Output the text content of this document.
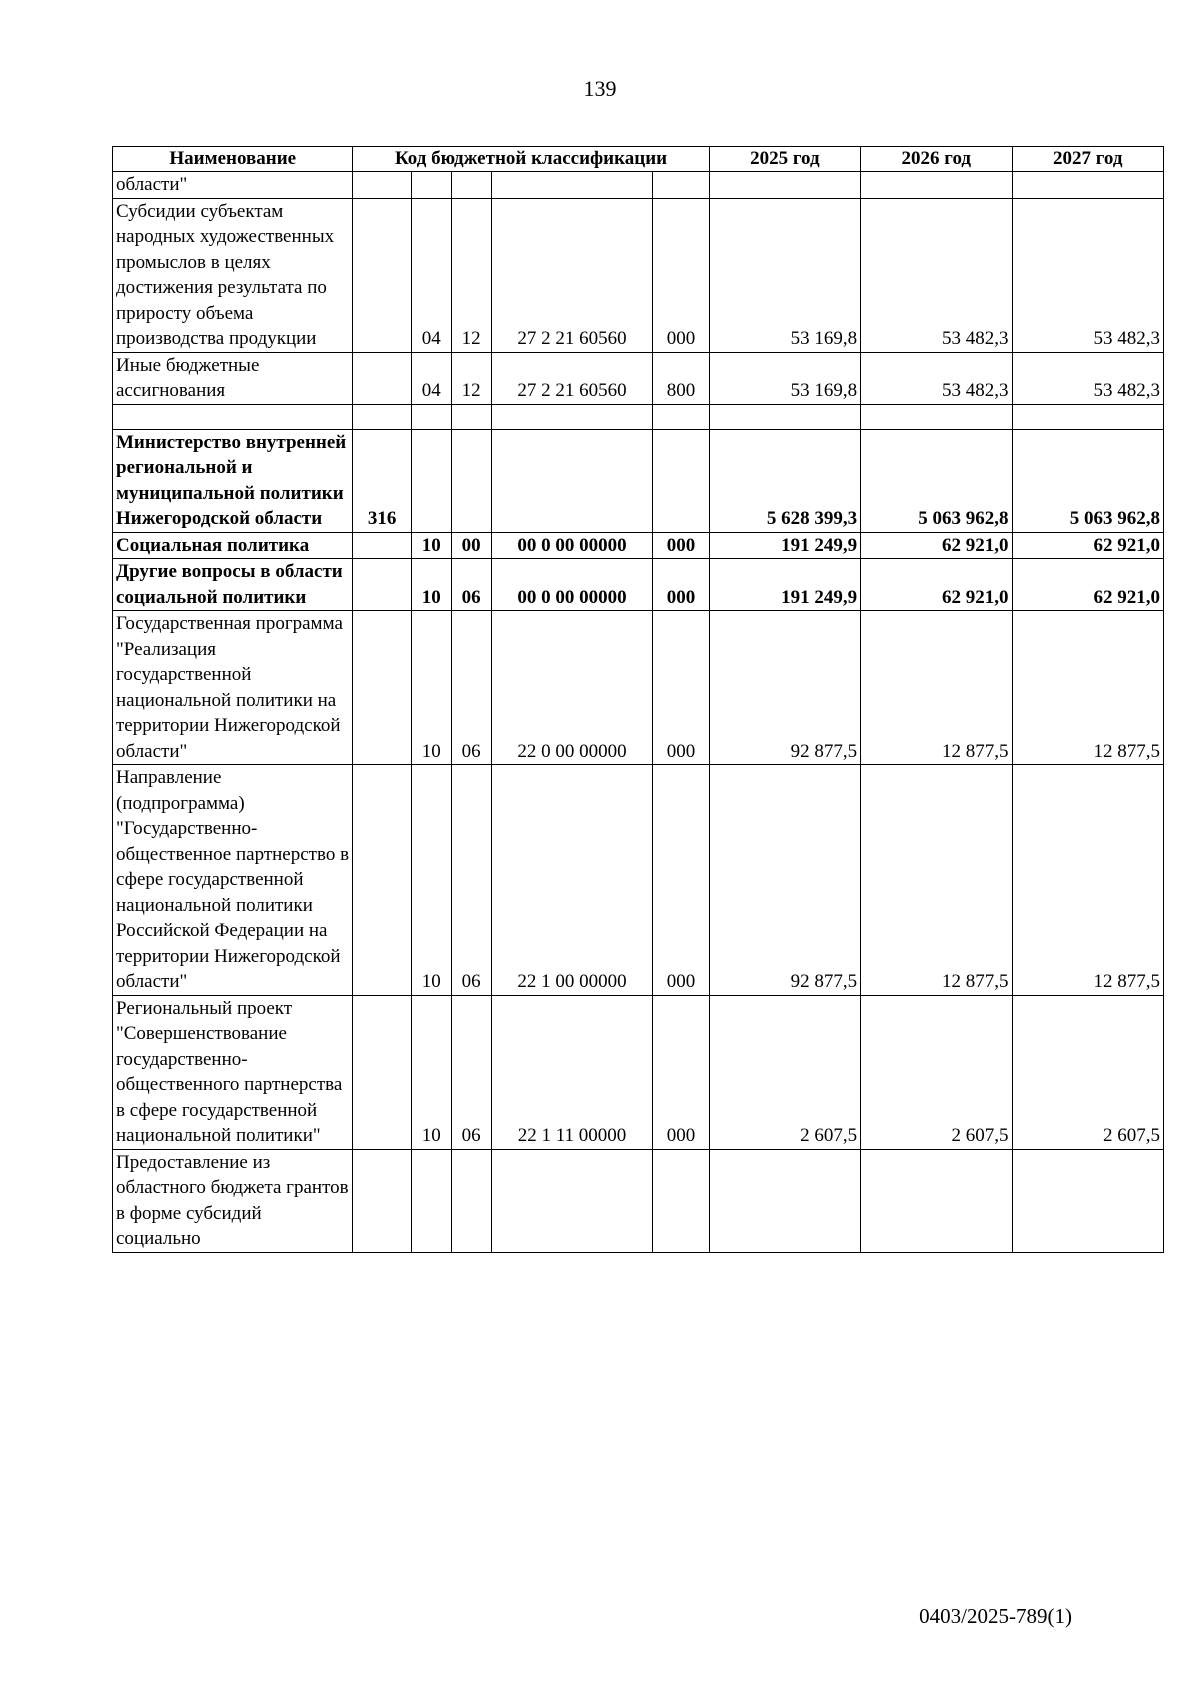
139
Наименование	Код бюджетной классификации					2025 год	2026 год	2027 год
области"								
Субсидии субъектам народных художественных промыслов в целях достижения результата по приросту объема производства продукции		04	12	27 2 21 60560	000	53 169,8	53 482,3	53 482,3
Иные бюджетные ассигнования		04	12	27 2 21 60560	800	53 169,8	53 482,3	53 482,3

Министерство внутренней региональной и муниципальной политики Нижегородской области	316					5 628 399,3	5 063 962,8	5 063 962,8
Социальная политика		10	00	00 0 00 00000	000	191 249,9	62 921,0	62 921,0
Другие вопросы в области социальной политики		10	06	00 0 00 00000	000	191 249,9	62 921,0	62 921,0
Государственная программа "Реализация государственной национальной политики на территории Нижегородской области"		10	06	22 0 00 00000	000	92 877,5	12 877,5	12 877,5
Направление (подпрограмма) "Государственно-общественное партнерство в сфере государственной национальной политики Российской Федерации на территории Нижегородской области"		10	06	22 1 00 00000	000	92 877,5	12 877,5	12 877,5
Региональный проект "Совершенствование государственно-общественного партнерства в сфере государственной национальной политики"		10	06	22 1 11 00000	000	2 607,5	2 607,5	2 607,5
Предоставление из областного бюджета грантов в форме субсидий социально								
0403/2025-789(1)
